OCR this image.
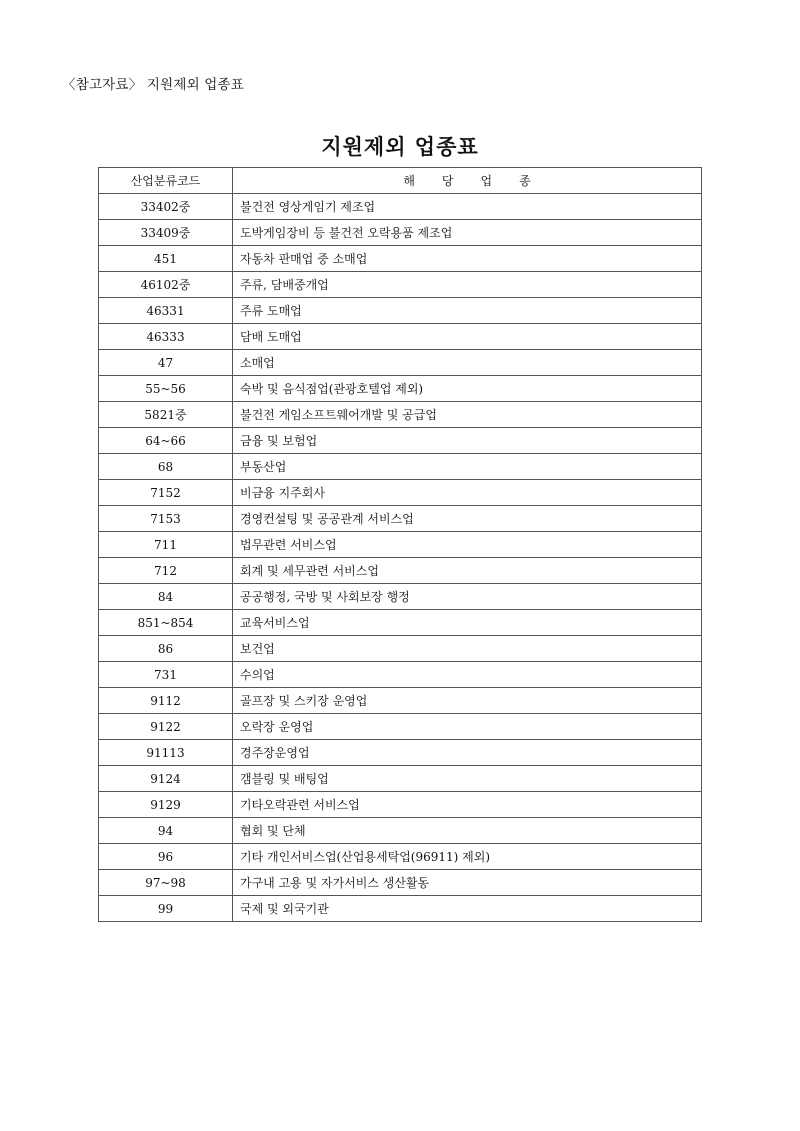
〈참고자료〉 지원제외 업종표
지원제외 업종표
산업분류코드	해당업종
33402중	불건전 영상게임기 제조업
33409중	도박게임장비 등 불건전 오락용품 제조업
451	자동차 판매업 중 소매업
46102중	주류, 담배중개업
46331	주류 도매업
46333	담배 도매업
47	소매업
55~56	숙박 및 음식점업(관광호텔업 제외)
5821중	불건전 게임소프트웨어개발 및 공급업
64~66	금융 및 보험업
68	부동산업
7152	비금융 지주회사
7153	경영컨설팅 및 공공관계 서비스업
711	법무관련 서비스업
712	회계 및 세무관련 서비스업
84	공공행정, 국방 및 사회보장 행정
851~854	교육서비스업
86	보건업
731	수의업
9112	골프장 및 스키장 운영업
9122	오락장 운영업
91113	경주장운영업
9124	갬블링 및 배팅업
9129	기타오락관련 서비스업
94	협회 및 단체
96	기타 개인서비스업(산업용세탁업(96911) 제외)
97~98	가구내 고용 및 자가서비스 생산활동
99	국제 및 외국기관
